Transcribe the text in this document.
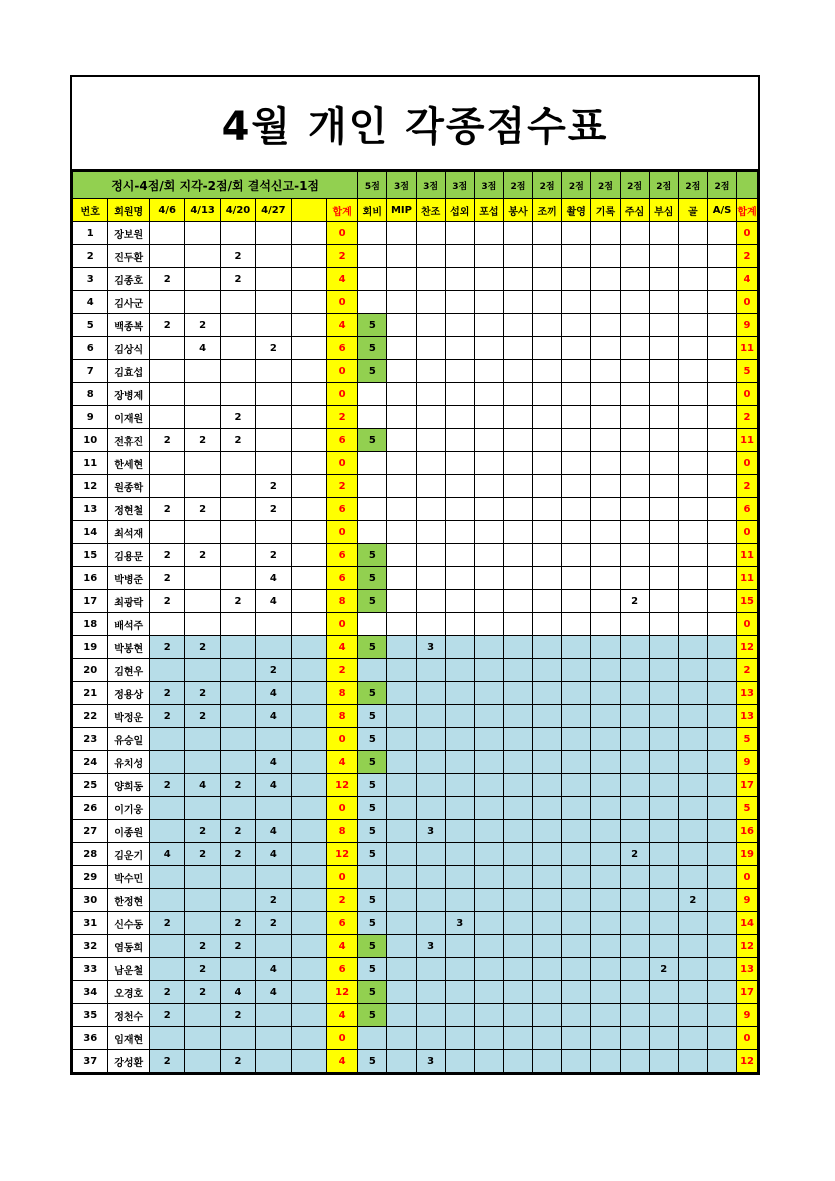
4월 개인 각종점수표
정시-4점/회 지각-2점/회 결석신고-1점								5점	3점	3점	3점	3점	2점	2점	2점	2점	2점	2점	2점	2점	
번호	회원명	4/6	4/13	4/20	4/27		합계	회비	MIP	찬조	섭외	포섭	봉사	조끼	촬영	기록	주심	부심	골	A/S	합계
1	장보원						0														0
2	진두환			2			2														2
3	김종호	2		2			4														4
4	김사군						0														0
5	백종복	2	2				4	5													9
6	김상식		4		2		6	5													11
7	김효섭						0	5													5
8	장병제						0														0
9	이재원			2			2														2
10	전휴진	2	2	2			6	5													11
11	한세현						0														0
12	원종학				2		2														2
13	정현철	2	2		2		6														6
14	최석재						0														0
15	김용문	2	2		2		6	5													11
16	박병준	2			4		6	5													11
17	최광락	2		2	4		8	5									2				15
18	배석주						0														0
19	박봉현	2	2				4	5		3											12
20	김현우				2		2														2
21	정용상	2	2		4		8	5													13
22	박정운	2	2		4		8	5													13
23	유승일						0	5													5
24	유치성				4		4	5													9
25	양희동	2	4	2	4		12	5													17
26	이기웅						0	5													5
27	이종원		2	2	4		8	5		3											16
28	김운기	4	2	2	4		12	5									2				19
29	박수민						0														0
30	한정현				2		2	5											2		9
31	신수동	2		2	2		6	5			3										14
32	염동희		2	2			4	5		3											12
33	남운철		2		4		6	5										2			13
34	오경호	2	2	4	4		12	5													17
35	정천수	2		2			4	5													9
36	임재현						0														0
37	강성환	2		2			4	5		3											12
